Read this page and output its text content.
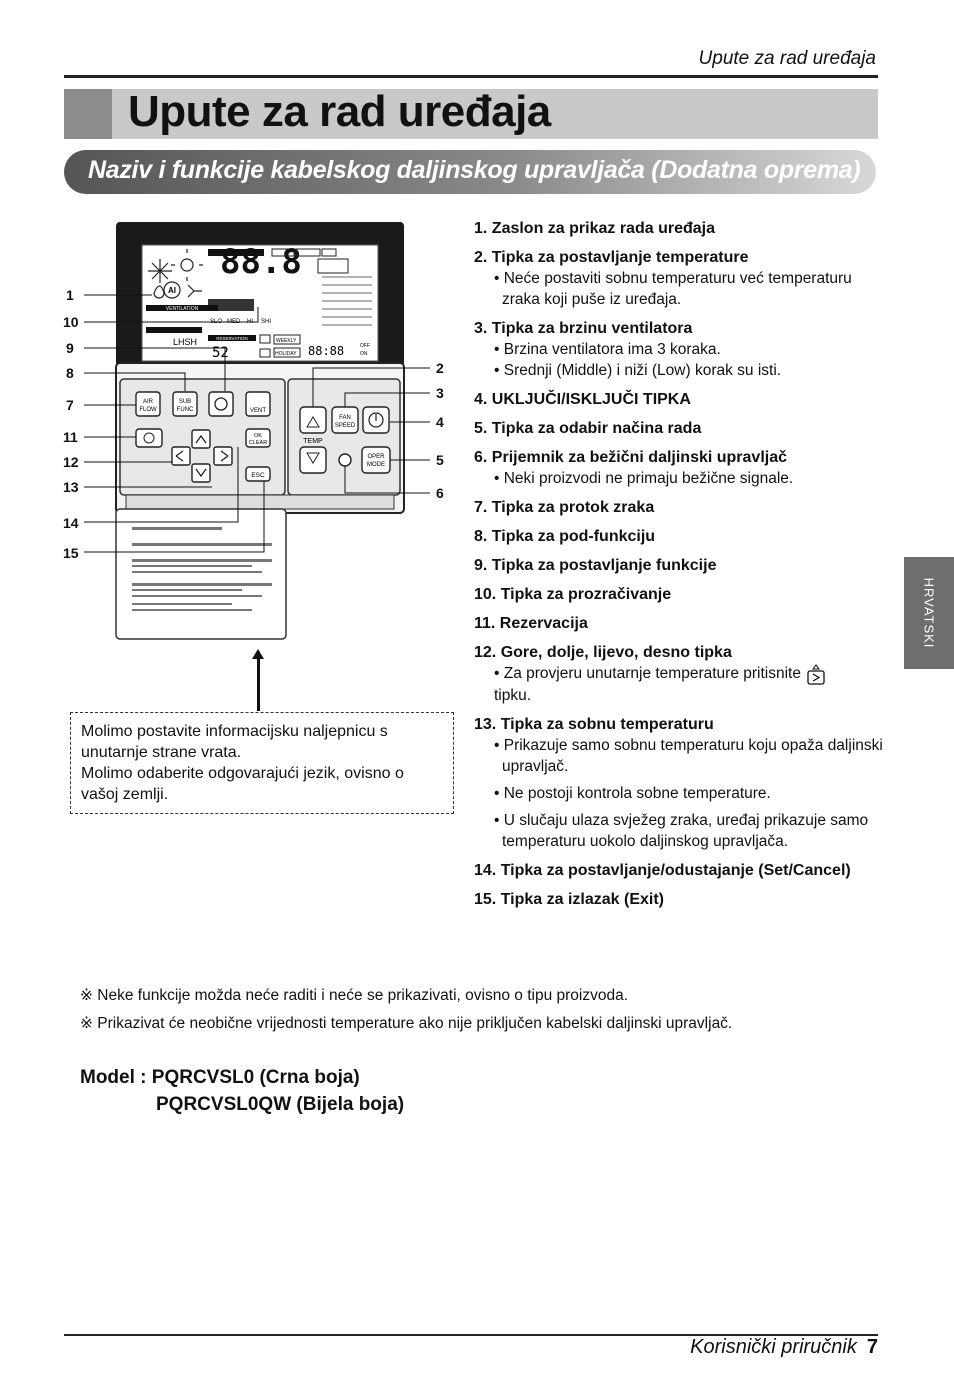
Upute za rad uređaja
Upute za rad uređaja
Naziv i funkcije kabelskog daljinskog upravljača (Dodatna oprema)
AI
88.8
VENTILATION
SLO MED HI SHI
LHSH	RESERVATION
52
WEEKLY
HOLIDAY 88:88	OFF
ON
AIR
FLOW
SUB
FUNC	VENT
OK
CLEAR
ESC
TEMP
FAN
SPEED
OPER
MODE
1
10
9
8
7
11
12
13
14
15
2
3
4
5
6
Molimo postavite informacijsku naljepnicu s unutarnje strane vrata.
Molimo odaberite odgovarajući jezik, ovisno o vašoj zemlji.
1. Zaslon za prikaz rada uređaja
2. Tipka za postavljanje temperature
• Neće postaviti sobnu temperaturu već temperaturu zraka koji puše iz uređaja.
3. Tipka za brzinu ventilatora
• Brzina ventilatora ima 3 koraka.
• Srednji (Middle) i niži (Low) korak su isti.
4. UKLJUČI/ISKLJUČI TIPKA
5. Tipka za odabir načina rada
6. Prijemnik za bežični daljinski upravljač
• Neki proizvodi ne primaju bežične signale.
7. Tipka za protok zraka
8. Tipka za pod-funkciju
9. Tipka za postavljanje funkcije
10. Tipka za prozračivanje
11. Rezervacija
12. Gore, dolje, lijevo, desno tipka
• Za provjeru unutarnje temperature pritisnite
tipku.
13. Tipka za sobnu temperaturu
• Prikazuje samo sobnu temperaturu koju opaža daljinski upravljač.
• Ne postoji kontrola sobne temperature.
• U slučaju ulaza svježeg zraka, uređaj prikazuje samo temperaturu uokolo daljinskog upravljača.
14. Tipka za postavljanje/odustajanje (Set/Cancel)
15. Tipka za izlazak (Exit)
※ Neke funkcije možda neće raditi i neće se prikazivati, ovisno o tipu proizvoda.
※ Prikazivat će neobične vrijednosti temperature ako nije priključen kabelski daljinski upravljač.
Model : PQRCVSL0 (Crna boja)
PQRCVSL0QW (Bijela boja)
HRVATSKI
Korisnički priručnik 7
